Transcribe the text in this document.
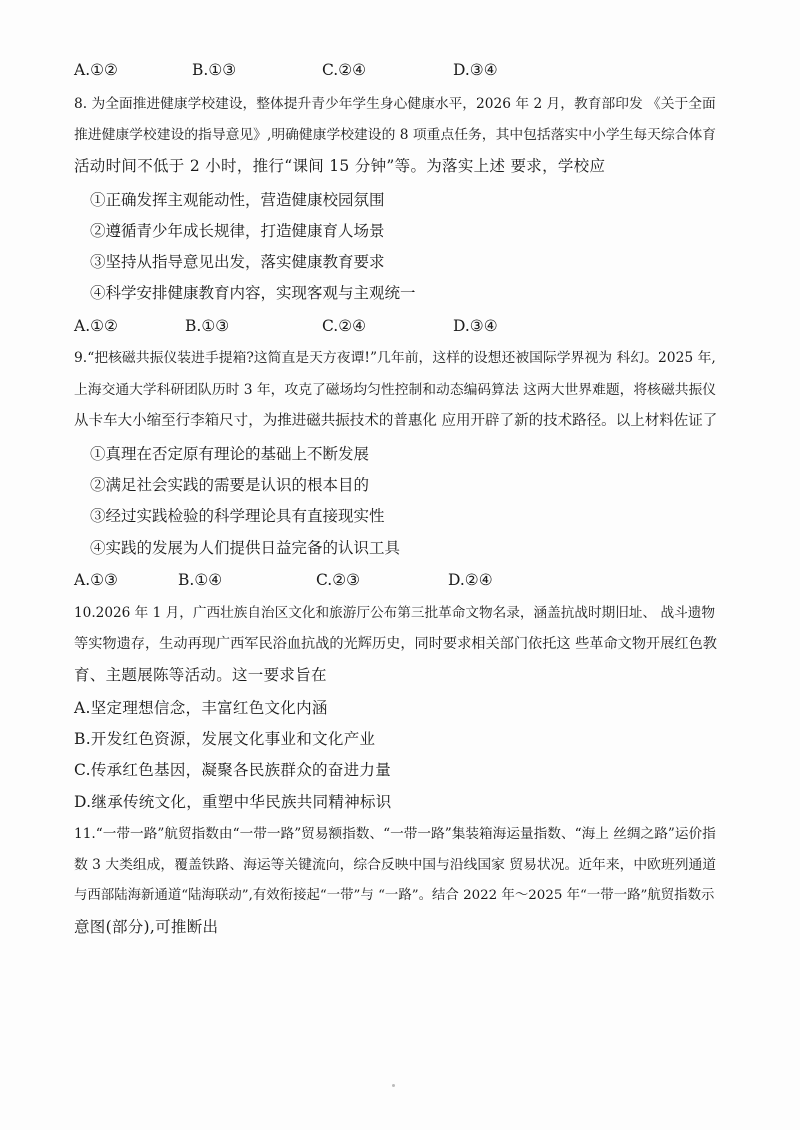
A.①②	B.①③	C.②④	D.③④
8. 为全面推进健康学校建设，整体提升青少年学生身心健康水平，2026 年 2 月，教育部印发 《关于全面
推进健康学校建设的指导意见》,明确健康学校建设的 8 项重点任务，其中包括落实中小学生每天综合体育
活动时间不低于 2 小时，推行“课间 15 分钟”等。为落实上述 要求，学校应
①正确发挥主观能动性，营造健康校园氛围
②遵循青少年成长规律，打造健康育人场景
③坚持从指导意见出发，落实健康教育要求
④科学安排健康教育内容，实现客观与主观统一
A.①②	B.①③	C.②④	D.③④
9.“把核磁共振仪装进手提箱?这简直是天方夜谭!”几年前，这样的设想还被国际学界视为 科幻。2025 年,
上海交通大学科研团队历时 3 年，攻克了磁场均匀性控制和动态编码算法 这两大世界难题，将核磁共振仪
从卡车大小缩至行李箱尺寸，为推进磁共振技术的普惠化 应用开辟了新的技术路径。以上材料佐证了
①真理在否定原有理论的基础上不断发展
②满足社会实践的需要是认识的根本目的
③经过实践检验的科学理论具有直接现实性
④实践的发展为人们提供日益完备的认识工具
A.①③	B.①④	C.②③	D.②④
10.2026 年 1 月，广西壮族自治区文化和旅游厅公布第三批革命文物名录，涵盖抗战时期旧址、 战斗遗物
等实物遗存，生动再现广西军民浴血抗战的光辉历史，同时要求相关部门依托这 些革命文物开展红色教
育、主题展陈等活动。这一要求旨在
A.坚定理想信念，丰富红色文化内涵
B.开发红色资源，发展文化事业和文化产业
C.传承红色基因，凝聚各民族群众的奋进力量
D.继承传统文化，重塑中华民族共同精神标识
11.“一带一路”航贸指数由“一带一路”贸易额指数、“一带一路”集装箱海运量指数、“海上 丝绸之路”运价指
数 3 大类组成，覆盖铁路、海运等关键流向，综合反映中国与沿线国家 贸易状况。近年来，中欧班列通道
与西部陆海新通道“陆海联动”,有效衔接起“一带”与 “一路”。结合 2022 年～2025 年“一带一路”航贸指数示
意图(部分),可推断出
